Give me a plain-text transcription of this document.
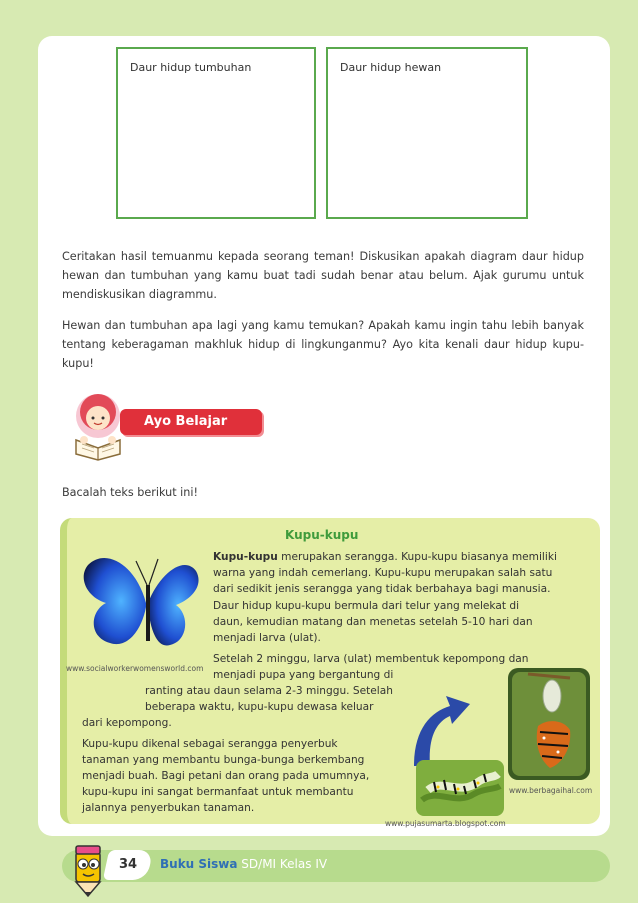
Daur hidup tumbuhan	Daur hidup hewan

Ceritakan hasil temuanmu kepada seorang teman! Diskusikan apakah diagram daur hidup hewan dan tumbuhan yang kamu buat tadi sudah benar atau belum. Ajak gurumu untuk mendiskusikan diagrammu.

Hewan dan tumbuhan apa lagi yang kamu temukan? Apakah kamu ingin tahu lebih banyak tentang keberagaman makhluk hidup di lingkunganmu? Ayo kita kenali daur hidup kupu-kupu!

Ayo Belajar

Bacalah teks berikut ini!

Kupu-kupu
www.socialworkerwomensworld.com
Kupu-kupu merupakan serangga. Kupu-kupu biasanya memiliki
warna yang indah cemerlang. Kupu-kupu merupakan salah satu
dari sedikit jenis serangga yang tidak berbahaya bagi manusia.
Daur hidup kupu-kupu bermula dari telur yang melekat di
daun, kemudian matang dan menetas setelah 5-10 hari dan
menjadi larva (ulat).
Setelah 2 minggu, larva (ulat) membentuk kepompong dan
menjadi pupa yang bergantung di
ranting atau daun selama 2-3 minggu. Setelah
beberapa waktu, kupu-kupu dewasa keluar
dari kepompong.
Kupu-kupu dikenal sebagai serangga penyerbuk
tanaman yang membantu bunga-bunga berkembang
menjadi buah. Bagi petani dan orang pada umumnya,
kupu-kupu ini sangat bermanfaat untuk membantu
jalannya penyerbukan tanaman.
www.berbagaihal.com
www.pujasumarta.blogspot.com
34	Buku Siswa SD/MI Kelas IV
